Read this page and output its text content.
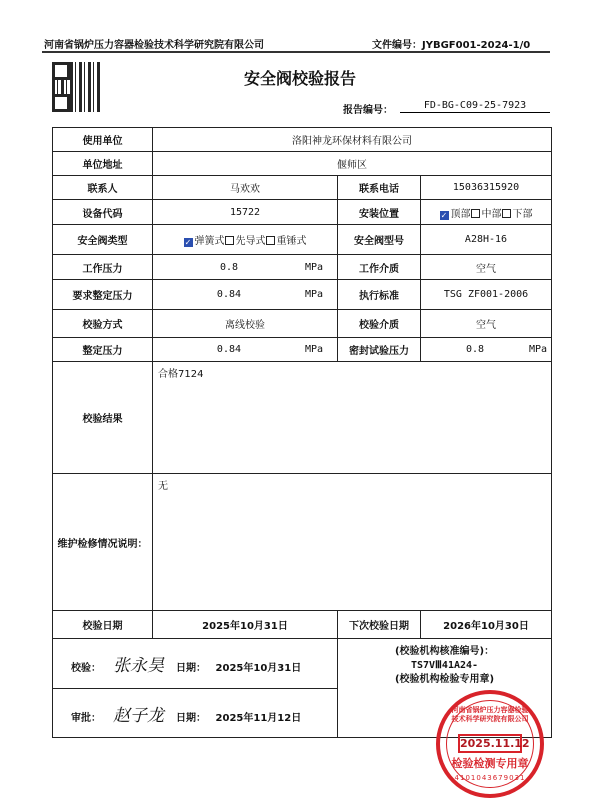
河南省锅炉压力容器检验技术科学研究院有限公司	文件编号：JYBGF001-2024-1/0
安全阀校验报告
报告编号：	FD-BG-C09-25-7923
使用单位	洛阳神龙环保材料有限公司		
单位地址	偃师区		
联系人	马欢欢	联系电话	15036315920
设备代码	15722	安装位置	✓ 顶部 中部 下部
安全阀类型	✓ 弹簧式 先导式 重锤式	安全阀型号	A28H-16
工作压力	0.8 MPa	工作介质	空气
要求整定压力	0.84 MPa	执行标准	TSG ZF001-2006
校验方式	离线校验	校验介质	空气
整定压力	0.84 MPa	密封试验压力	0.8 MPa

校验结果	合格7124		
维护检修情况说明：	无		
校验日期	2025年10月31日	下次校验日期	2026年10月30日
校验： 张永昊 日期： 2025年10月31日		(校验机构核准编号)：
TS7VⅢ41A24-
(校验机构检验专用章)	

审批： 赵子龙 日期： 2025年11月12日			
河南省锅炉压力容器检验技术科学研究院有限公司
2025.11.12
检验检测专用章
4101043679031
